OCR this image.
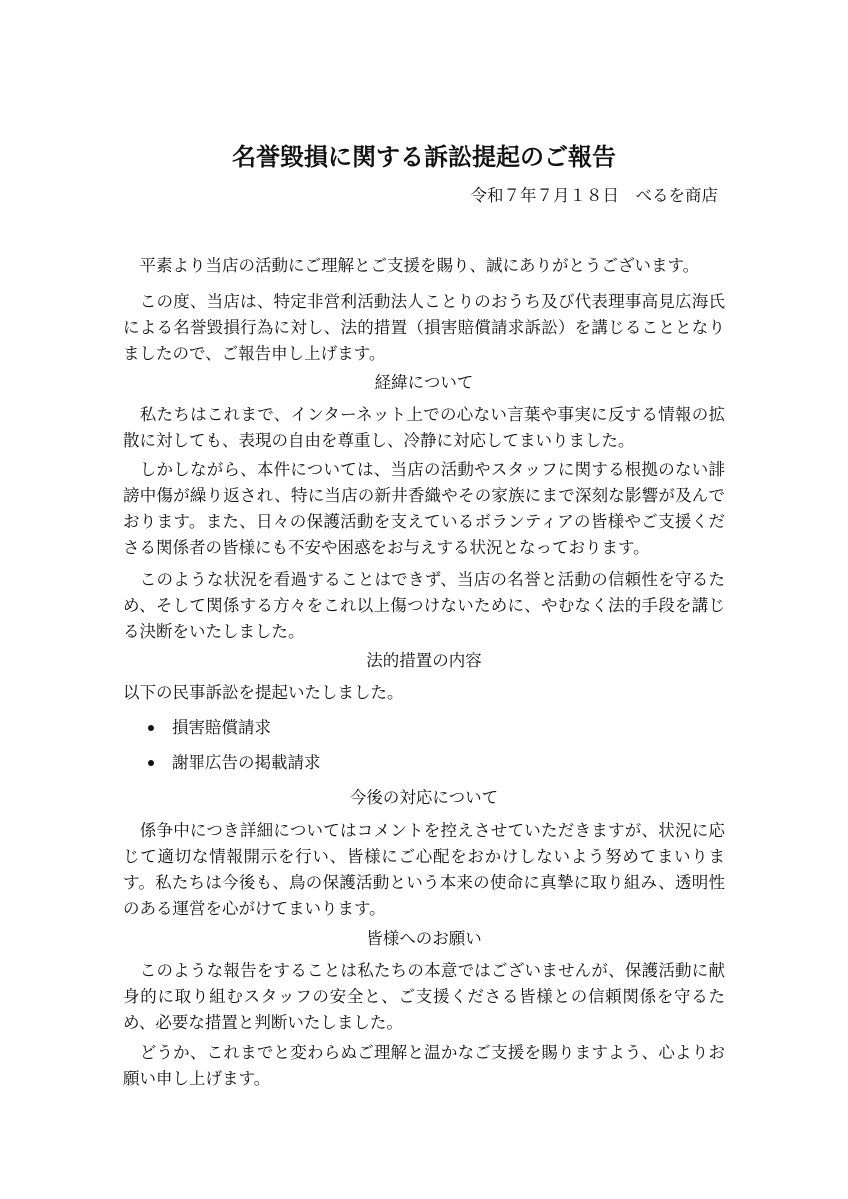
名誉毀損に関する訴訟提起のご報告

令和７年７月１８日　べるを商店

　平素より当店の活動にご理解とご支援を賜り、誠にありがとうございます。

　この度、当店は、特定非営利活動法人ことりのおうち及び代表理事高見広海氏による名誉毀損行為に対し、法的措置（損害賠償請求訴訟）を講じることとなりましたので、ご報告申し上げます。

経緯について

　私たちはこれまで、インターネット上での心ない言葉や事実に反する情報の拡散に対しても、表現の自由を尊重し、冷静に対応してまいりました。

　しかしながら、本件については、当店の活動やスタッフに関する根拠のない誹謗中傷が繰り返され、特に当店の新井香織やその家族にまで深刻な影響が及んでおります。また、日々の保護活動を支えているボランティアの皆様やご支援くださる関係者の皆様にも不安や困惑をお与えする状況となっております。

　このような状況を看過することはできず、当店の名誉と活動の信頼性を守るため、そして関係する方々をこれ以上傷つけないために、やむなく法的手段を講じる決断をいたしました。

法的措置の内容

以下の民事訴訟を提起いたしました。

損害賠償請求

謝罪広告の掲載請求

今後の対応について

　係争中につき詳細についてはコメントを控えさせていただきますが、状況に応じて適切な情報開示を行い、皆様にご心配をおかけしないよう努めてまいります。私たちは今後も、鳥の保護活動という本来の使命に真摯に取り組み、透明性のある運営を心がけてまいります。

皆様へのお願い

　このような報告をすることは私たちの本意ではございませんが、保護活動に献身的に取り組むスタッフの安全と、ご支援くださる皆様との信頼関係を守るため、必要な措置と判断いたしました。

　どうか、これまでと変わらぬご理解と温かなご支援を賜りますよう、心よりお願い申し上げます。
